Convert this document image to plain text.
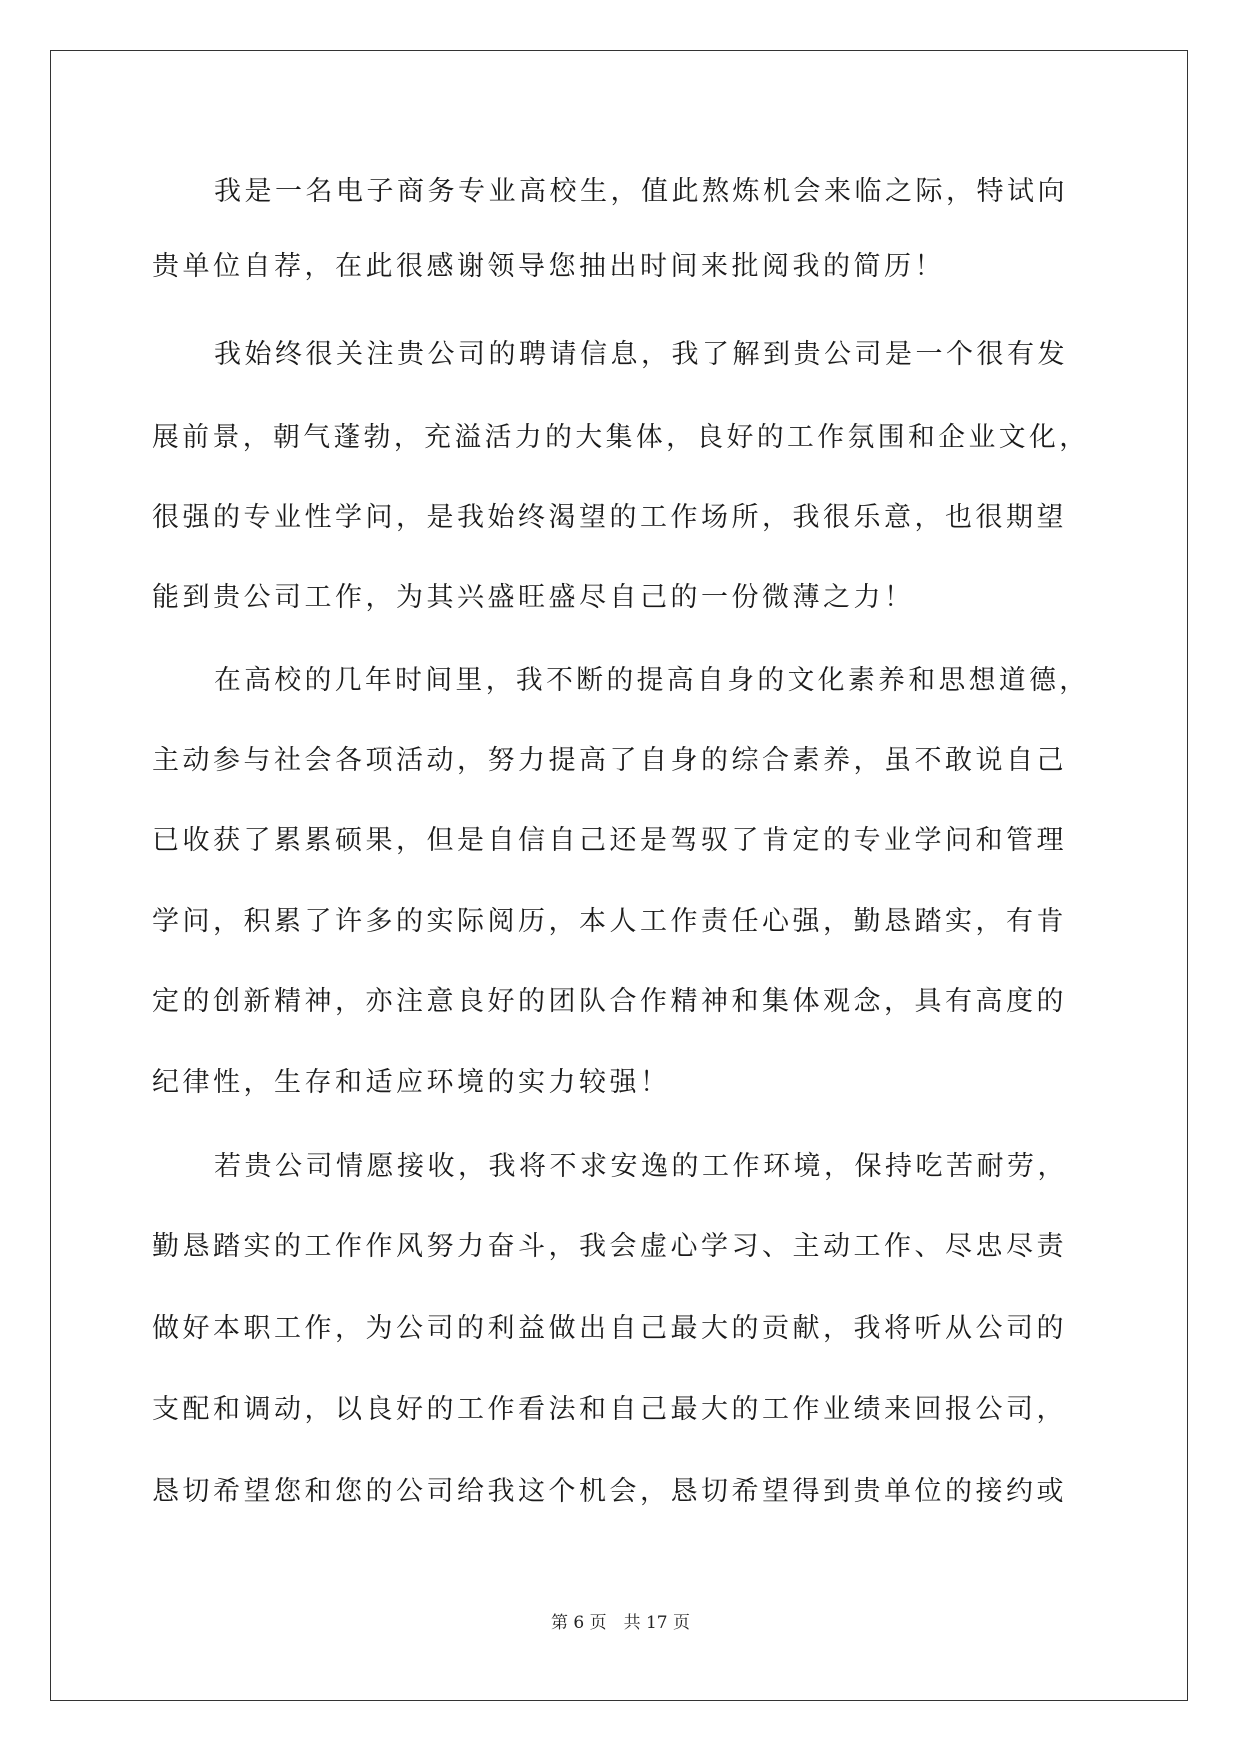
我是一名电子商务专业高校生，值此熬炼机会来临之际，特试向
贵单位自荐，在此很感谢领导您抽出时间来批阅我的简历！
我始终很关注贵公司的聘请信息，我了解到贵公司是一个很有发
展前景，朝气蓬勃，充溢活力的大集体，良好的工作氛围和企业文化，
很强的专业性学问，是我始终渴望的工作场所，我很乐意，也很期望
能到贵公司工作，为其兴盛旺盛尽自己的一份微薄之力！
在高校的几年时间里，我不断的提高自身的文化素养和思想道德，
主动参与社会各项活动，努力提高了自身的综合素养，虽不敢说自己
已收获了累累硕果，但是自信自己还是驾驭了肯定的专业学问和管理
学问，积累了许多的实际阅历，本人工作责任心强，勤恳踏实，有肯
定的创新精神，亦注意良好的团队合作精神和集体观念，具有高度的
纪律性，生存和适应环境的实力较强！
若贵公司情愿接收，我将不求安逸的工作环境，保持吃苦耐劳，
勤恳踏实的工作作风努力奋斗，我会虚心学习、主动工作、尽忠尽责
做好本职工作，为公司的利益做出自己最大的贡献，我将听从公司的
支配和调动，以良好的工作看法和自己最大的工作业绩来回报公司，
恳切希望您和您的公司给我这个机会，恳切希望得到贵单位的接约或
第 6 页　共 17 页
